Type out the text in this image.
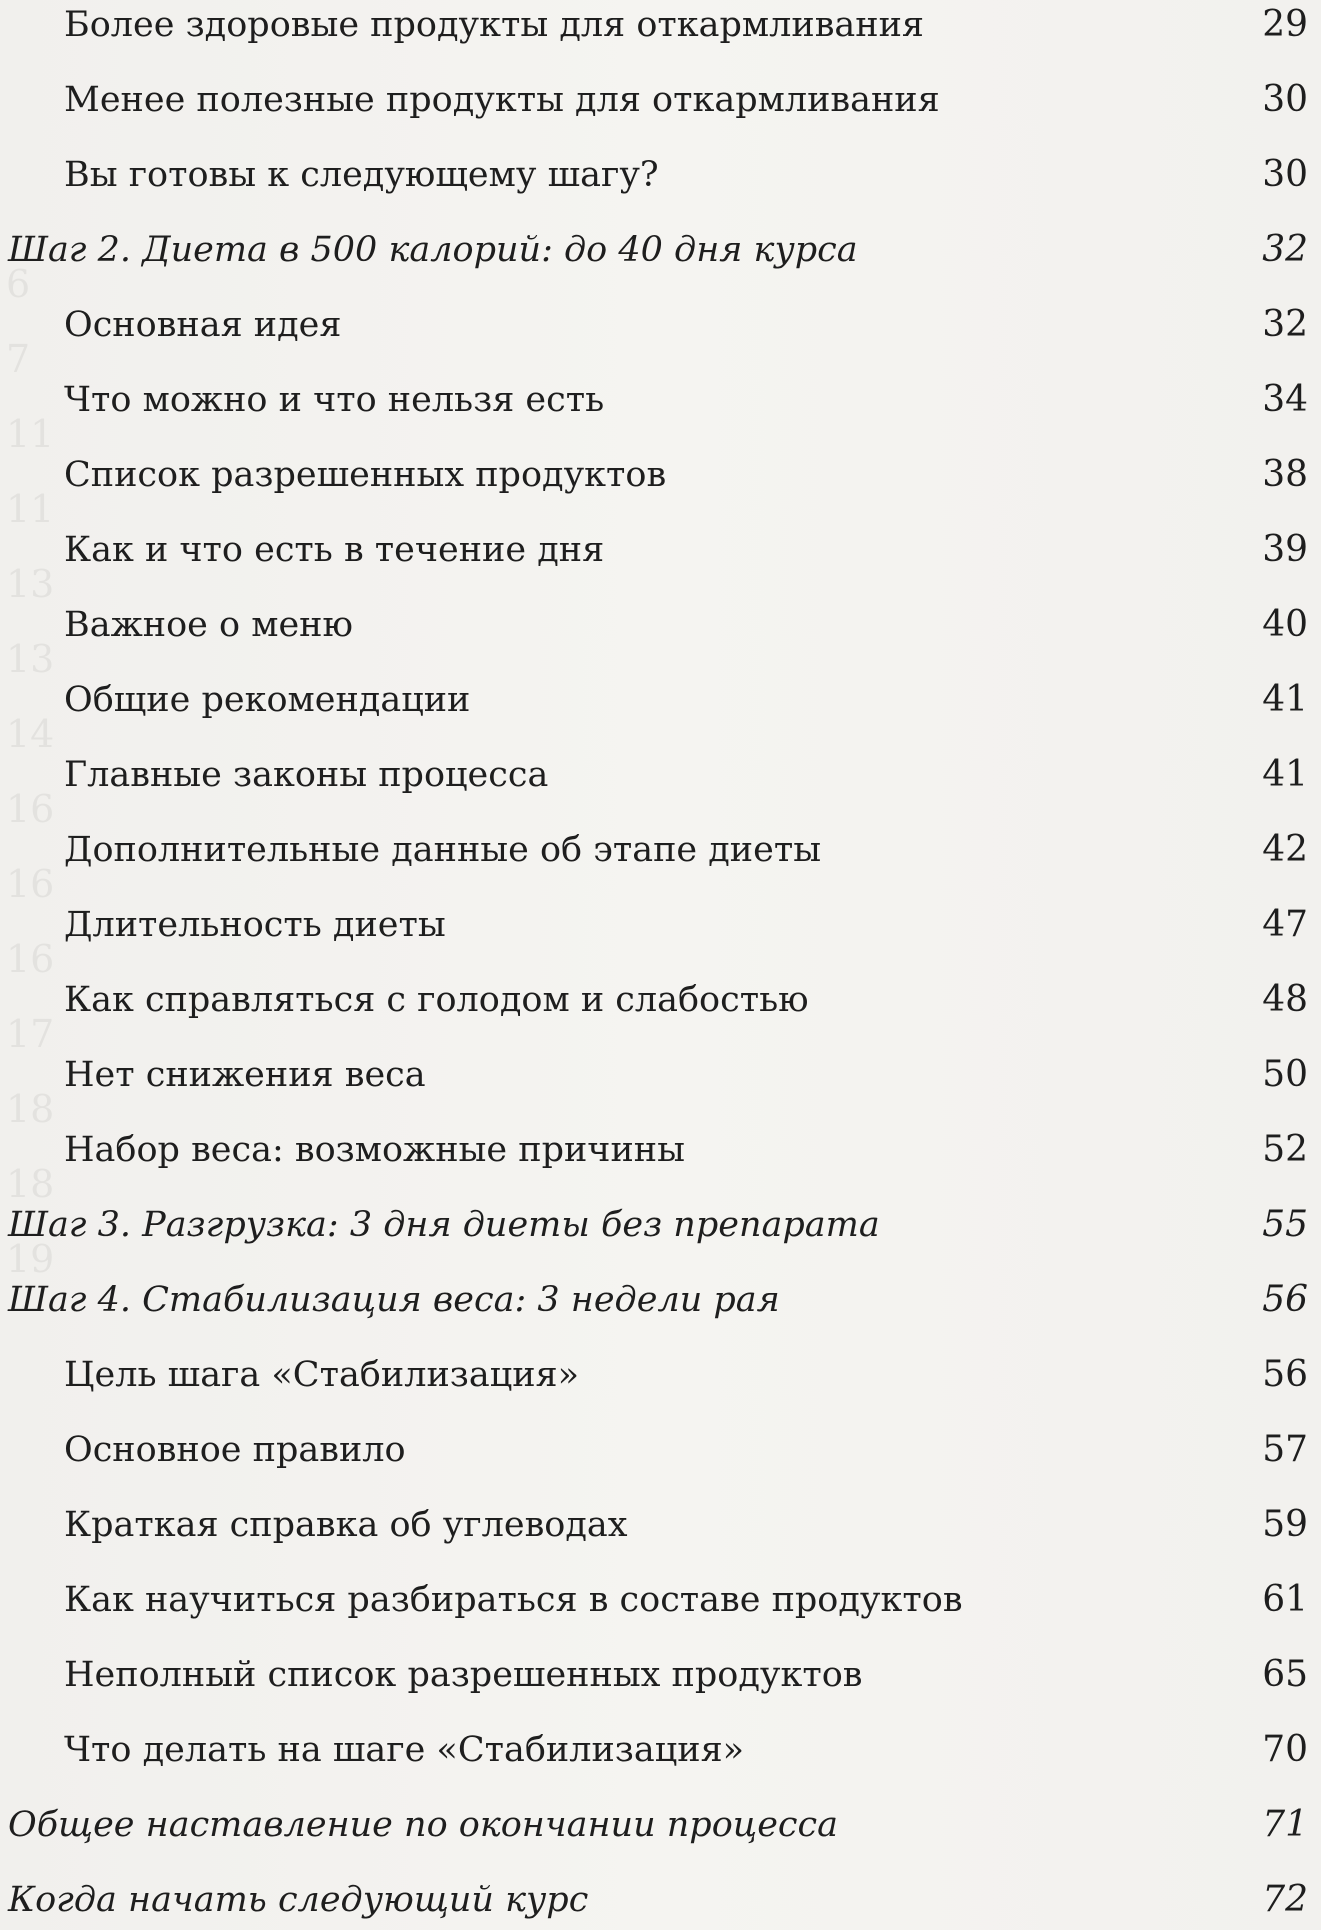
6
7
11
11
13
13
14
16
16
16
17
18
18
19
Более здоровые продукты для откармливания	29
Менее полезные продукты для откармливания	30
Вы готовы к следующему шагу?	30
Шаг 2. Диета в 500 калорий: до 40 дня курса	32
Основная идея	32
Что можно и что нельзя есть	34
Список разрешенных продуктов	38
Как и что есть в течение дня	39
Важное о меню	40
Общие рекомендации	41
Главные законы процесса	41
Дополнительные данные об этапе диеты	42
Длительность диеты	47
Как справляться с голодом и слабостью	48
Нет снижения веса	50
Набор веса: возможные причины	52
Шаг 3. Разгрузка: 3 дня диеты без препарата	55
Шаг 4. Стабилизация веса: 3 недели рая	56
Цель шага «Стабилизация»	56
Основное правило	57
Краткая справка об углеводах	59
Как научиться разбираться в составе продуктов	61
Неполный список разрешенных продуктов	65
Что делать на шаге «Стабилизация»	70
Общее наставление по окончании процесса	71
Когда начать следующий курс	72
